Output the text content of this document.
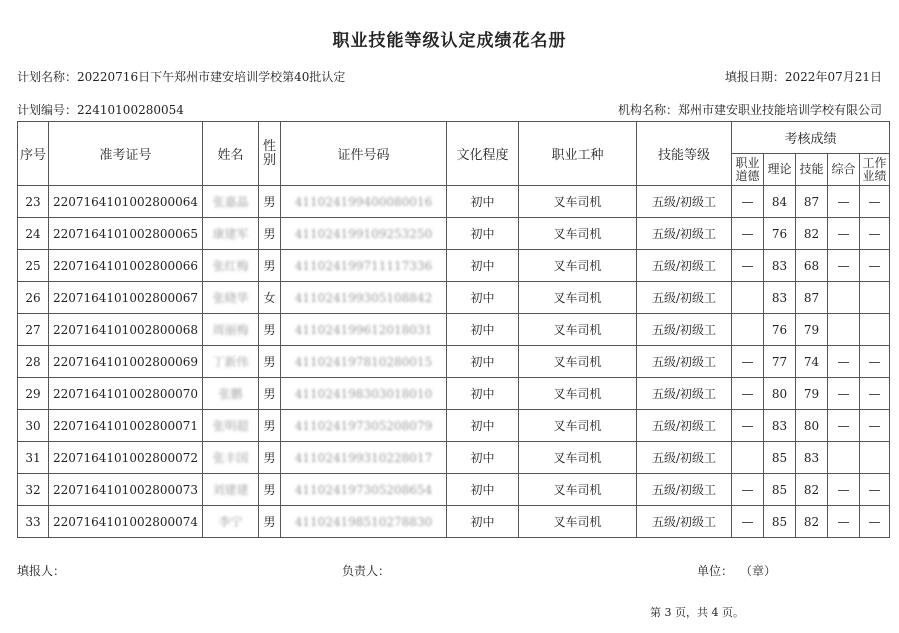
职业技能等级认定成绩花名册
计划名称：20220716日下午郑州市建安培训学校第40批认定	填报日期：2022年07月21日
计划编号：22410100280054	机构名称：郑州市建安职业技能培训学校有限公司
序号	准考证号	姓名	性别	证件号码	文化程度	职业工种	技能等级	考核成绩				
								职业道德	理论	技能	综合	工作业绩
23	220716410100280006​4	张嘉晶	男	411024199400080016	初中	叉车司机	五级/初级工	—	84	87	—	—
24	2207164101002800065	康建军	男	411024199109253250	初中	叉车司机	五级/初级工	—	76	82	—	—
25	2207164101002800066	张红梅	男	411024199711117336	初中	叉车司机	五级/初级工	—	83	68	—	—
26	2207164101002800067	张晓华	女	411024199305108842	初中	叉车司机	五级/初级工		83	87		
27	2207164101002800068	周丽梅	男	411024199612018031	初中	叉车司机	五级/初级工		76	79		
28	2207164101002800069	丁新伟	男	411024197810280015	初中	叉车司机	五级/初级工	—	77	74	—	—
29	2207164101002800070	张鹏	男	411024198303018010	初中	叉车司机	五级/初级工	—	80	79	—	—
30	2207164101002800071	张明超	男	411024197305208079	初中	叉车司机	五级/初级工	—	83	80	—	—
31	2207164101002800072	张丰国	男	411024199310228017	初中	叉车司机	五级/初级工		85	83		
32	2207164101002800073	刘建建	男	411024197305208654	初中	叉车司机	五级/初级工	—	85	82	—	—
33	2207164101002800074	李宁	男	411024198510278830	初中	叉车司机	五级/初级工	—	85	82	—	—
填报人：	负责人：	单位： （章）
第 3 页，共 4 页。
